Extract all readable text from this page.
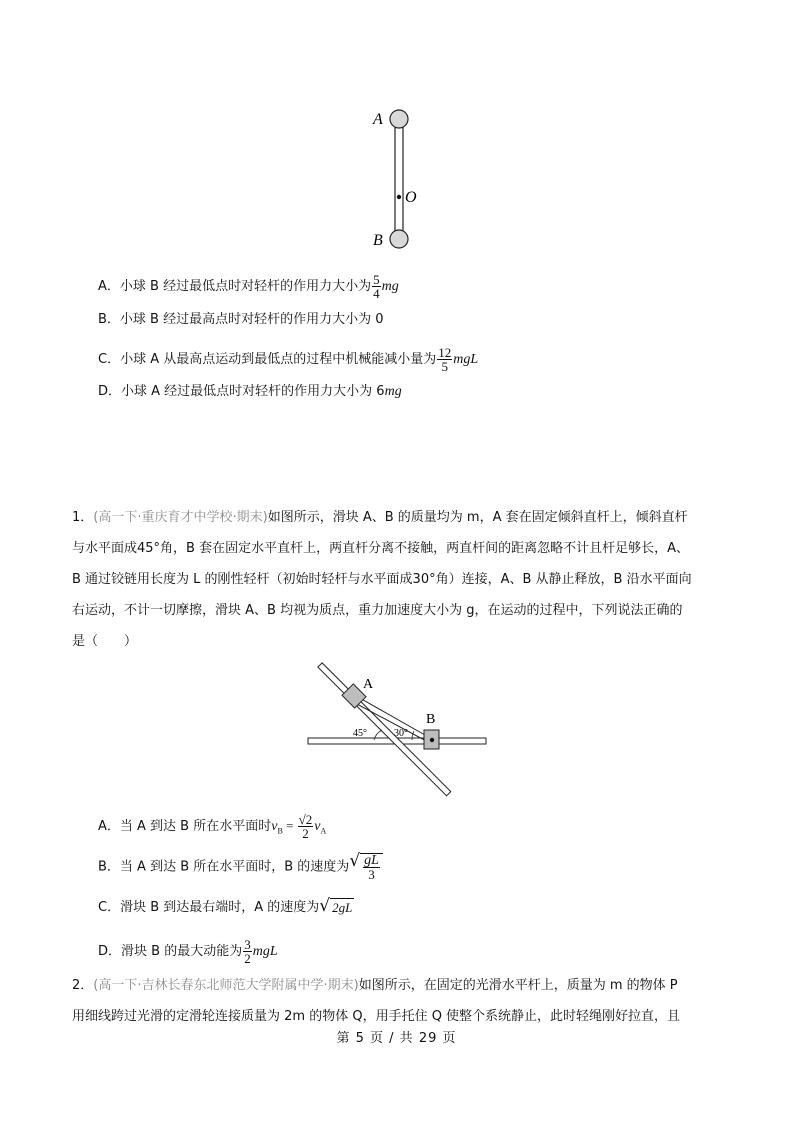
A
O
B
A．小球 B 经过最低点时对轻杆的作用力大小为 $\frac{5}{4}$ mg
B．小球 B 经过最高点时对轻杆的作用力大小为 0
C．小球 A 从最高点运动到最低点的过程中机械能减小量为 $\frac{12}{5}$ mgL
D．小球 A 经过最低点时对轻杆的作用力大小为 6mg

1．(高一下·重庆育才中学校·期末)如图所示，滑块 A、B 的质量均为 m，A 套在固定倾斜直杆上，倾斜直杆

与水平面成45°角，B 套在固定水平直杆上，两直杆分离不接触，两直杆间的距离忽略不计且杆足够长，A、

B 通过铰链用长度为 L 的刚性轻杆（初始时轻杆与水平面成30°角）连接，A、B 从静止释放，B 沿水平面向

右运动，不计一切摩擦，滑块 A、B 均视为质点，重力加速度大小为 g，在运动的过程中，下列说法正确的

是（　　）

A
B
45°	30°
A．当 A 到达 B 所在水平面时$v_B = \frac{√2}{2} v_A$
B．当 A 到达 B 所在水平面时，B 的速度为 √ $\frac{gL}{3}$
C．滑块 B 到达最右端时，A 的速度为 √ 2gL
D．滑块 B 的最大动能为 $\frac{3}{2}$ mgL

2．(高一下·吉林长春东北师范大学附属中学·期末)如图所示，在固定的光滑水平杆上，质量为 m 的物体 P

用细线跨过光滑的定滑轮连接质量为 2m 的物体 Q，用手托住 Q 使整个系统静止，此时轻绳刚好拉直，且

第 5 页 / 共 29 页
